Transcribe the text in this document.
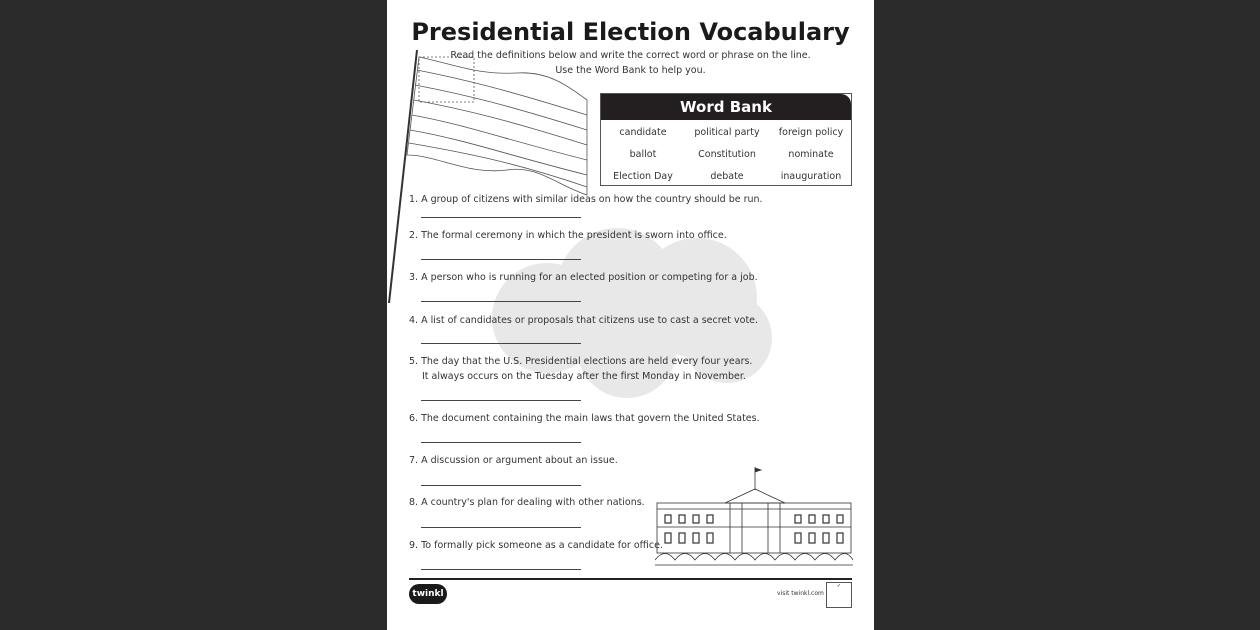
Presidential Election Vocabulary
Read the definitions below and write the correct word or phrase on the line.
Use the Word Bank to help you.
Word Bank
candidate	political party	foreign policy
ballot	Constitution	nominate
Election Day	debate	inauguration
1. A group of citizens with similar ideas on how the country should be run.
2. The formal ceremony in which the president is sworn into office.
3. A person who is running for an elected position or competing for a job.
4. A list of candidates or proposals that citizens use to cast a secret vote.
5. The day that the U.S. Presidential elections are held every four years.
It always occurs on the Tuesday after the first Monday in November.
6. The document containing the main laws that govern the United States.
7. A discussion or argument about an issue.
8. A country's plan for dealing with other nations.
9. To formally pick someone as a candidate for office.
twinkl	visit twinkl.com
✓
